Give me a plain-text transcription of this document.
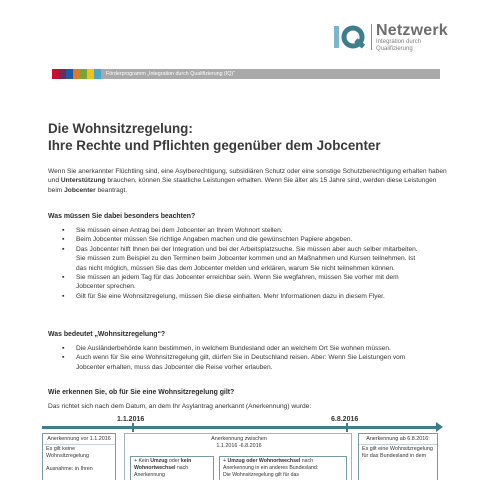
Netzwerk
Integration durch Qualifizierung
Förderprogramm „Integration durch Qualifizierung (IQ)“
Die Wohnsitzregelung:
Ihre Rechte und Pflichten gegenüber dem Jobcenter

Wenn Sie anerkannter Flüchtling sind, eine Asylberechtigung, subsidiären Schutz oder eine sonstige Schutzberechtigung erhalten haben und Unterstützung brauchen, können Sie staatliche Leistungen erhalten. Wenn Sie älter als 15 Jahre sind, werden diese Leistungen beim Jobcenter beantragt.

Was müssen Sie dabei besonders beachten?
▪ Sie müssen einen Antrag bei dem Jobcenter an Ihrem Wohnort stellen.
▪ Beim Jobcenter müssen Sie richtige Angaben machen und die gewünschten Papiere abgeben.
▪ Das Jobcenter hilft Ihnen bei der Integration und bei der Arbeitsplatzsuche. Sie müssen aber auch selber mitarbeiten. Sie müssen zum Beispiel zu den Terminen beim Jobcenter kommen und an Maßnahmen und Kursen teilnehmen. Ist das nicht möglich, müssen Sie das dem Jobcenter melden und erklären, warum Sie nicht teilnehmen können.
▪ Sie müssen an jedem Tag für das Jobcenter erreichbar sein. Wenn Sie wegfahren, müssen Sie vorher mit dem Jobcenter sprechen.
▪ Gilt für Sie eine Wohnsitzregelung, müssen Sie diese einhalten. Mehr Informationen dazu in diesem Flyer.
Was bedeutet „Wohnsitzregelung“?
▪ Die Ausländerbehörde kann bestimmen, in welchem Bundesland oder an welchem Ort Sie wohnen müssen.
▪ Auch wenn für Sie eine Wohnsitzregelung gilt, dürfen Sie in Deutschland reisen. Aber: Wenn Sie Leistungen vom Jobcenter erhalten, muss das Jobcenter die Reise vorher erlauben.
Wie erkennen Sie, ob für Sie eine Wohnsitzregelung gilt?

Das richtet sich nach dem Datum, an dem Ihr Asylantrag anerkannt (Anerkennung) wurde:

1.1.2016	6.8.2016
Anerkennung vor 1.1.2016
Es gilt keine Wohnsitzregelung
Ausnahme: in Ihren
Anerkennung zwischen 1.1.2016 -6.8.2016
+ Kein Umzug oder kein Wohnortwechsel nach Anerkennung
+ Umzug oder Wohnortwechsel nach Anerkennung in ein anderes Bundesland:
Die Wohnsitzregelung gilt für das
Anerkennung ab 6.8.2016:
Es gilt eine Wohnsitzregelung für das Bundesland in dem
